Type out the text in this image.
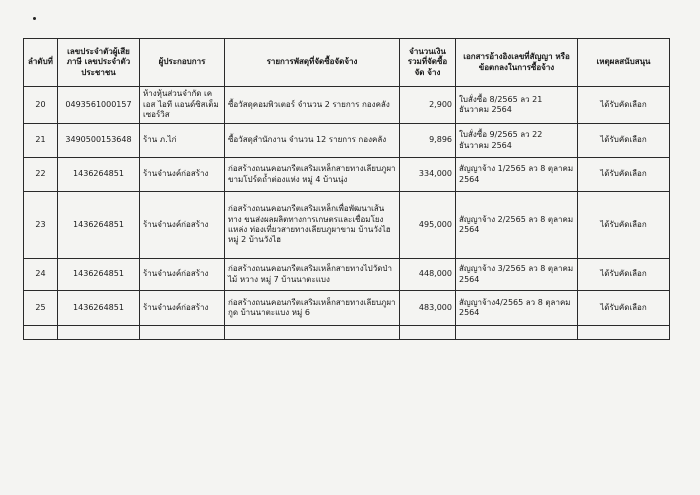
ลำดับที่	เลขประจำตัวผู้เสียภาษี เลขประจำตัวประชาชน	ผู้ประกอบการ	รายการพัสดุที่จัดซื้อจัดจ้าง	จำนวนเงิน รวมที่จัดซื้อจัด จ้าง	เอกสารอ้างอิงเลขที่สัญญา หรือข้อตกลงในการซื้อจ้าง	เหตุผลสนับสนุน
20	0493561000157	ห้างหุ้นส่วนจำกัด เค เอส ไอที แอนด์ซิสเต็มเซอร์วิส	ซื้อวัสดุคอมพิวเตอร์ จำนวน 2 รายการ กองคลัง	2,900	ใบสั่งซื้อ 8/2565 ลว 21 ธันวาคม 2564	ได้รับคัดเลือก
21	3490500153648	ร้าน ภ.ไก่	ซื้อวัสดุสำนักงาน จำนวน 12 รายการ กองคลัง	9,896	ใบสั่งซื้อ 9/2565 ลว 22 ธันวาคม 2564	ได้รับคัดเลือก
22	1436264851	ร้านจำนงค์ก่อสร้าง	ก่อสร้างถนนคอนกรีตเสริมเหล็กสายทางเลียบภูผา ขามโปร์ดถ้ำต่องแห่ง หมู่ 4 บ้านนุ่ง	334,000	สัญญาจ้าง 1/2565 ลว 8 ตุลาคม 2564	ได้รับคัดเลือก
23	1436264851	ร้านจำนงค์ก่อสร้าง	ก่อสร้างถนนคอนกรีตเสริมเหล็กเพื่อพัฒนาเส้นทาง ขนส่งผลผลิตทางการเกษตรและเชื่อมโยงแหล่ง ท่องเที่ยวสายทางเลียบภูผาขาม บ้านวังไฮ หมู่ 2 บ้านวังไฮ	495,000	สัญญาจ้าง 2/2565 ลว 8 ตุลาคม 2564	ได้รับคัดเลือก
24	1436264851	ร้านจำนงค์ก่อสร้าง	ก่อสร้างถนนคอนกรีตเสริมเหล็กสายทางไปวัดป่าไม้ หวาง หมู่ 7 บ้านนาตะแบง	448,000	สัญญาจ้าง 3/2565 ลว 8 ตุลาคม 2564	ได้รับคัดเลือก
25	1436264851	ร้านจำนงค์ก่อสร้าง	ก่อสร้างถนนคอนกรีตเสริมเหล็กสายทางเลียบภูผากูด บ้านนาตะแบง หมู่ 6	483,000	สัญญาจ้าง4/2565 ลว 8 ตุลาคม 2564	ได้รับคัดเลือก
